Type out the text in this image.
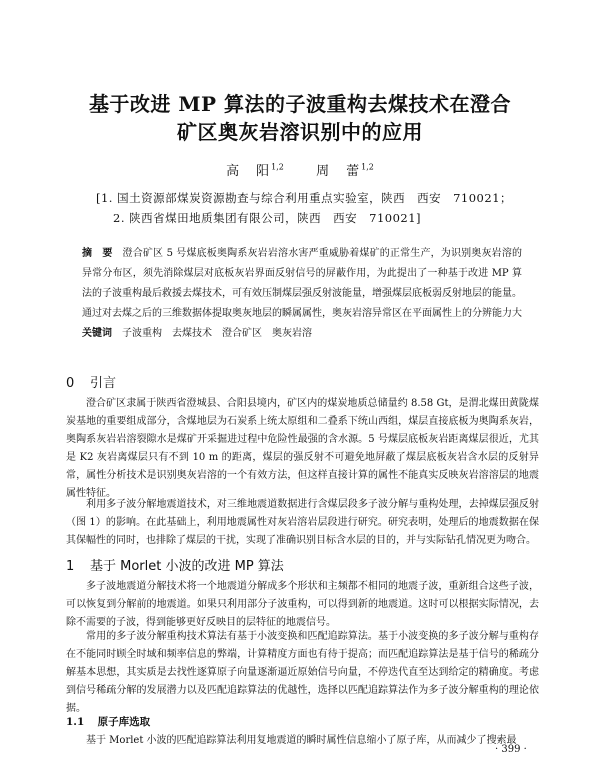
基于改进 MP 算法的子波重构去煤技术在澄合
矿区奥灰岩溶识别中的应用
高　阳$^{1,2}$ 周　蕾$^{1,2}$
[1. 国土资源部煤炭资源勘查与综合利用重点实验室，陕西　西安　710021；
2. 陕西省煤田地质集团有限公司，陕西　西安　710021]
摘　要 澄合矿区 5 号煤底板奥陶系灰岩岩溶水害严重威胁着煤矿的正常生产，为识别奥灰岩溶的异常分布区，须先消除煤层对底板灰岩界面反射信号的屏蔽作用，为此提出了一种基于改进 MP 算法的子波重构最后救援去煤技术，可有效压制煤层强反射波能量，增强煤层底板弱反射地层的能量。通过对去煤之后的三维数据体提取奥灰地层的瞬属属性，奥灰岩溶异常区在平面属性上的分辨能力大
关键词 子波重构　去煤技术　澄合矿区　奥灰岩溶
0 引言
澄合矿区隶属于陕西省澄城县、合阳县境内，矿区内的煤炭地质总储量约 8.58 Gt，是渭北煤田黄陇煤炭基地的重要组成部分，含煤地层为石炭系上统太原组和二叠系下统山西组，煤层直接底板为奥陶系灰岩，奥陶系灰岩岩溶裂隙水是煤矿开采掘进过程中危险性最强的含水源。5 号煤层底板灰岩距离煤层很近，尤其是 K2 灰岩离煤层只有不到 10 m 的距离，煤层的强反射不可避免地屏蔽了煤层底板灰岩含水层的反射异常，属性分析技术是识别奥灰岩溶的一个有效方法，但这样直接计算的属性不能真实反映灰岩溶溶层的地震属性特征。
利用多子波分解地震道技术，对三维地震道数据进行含煤层段多子波分解与重构处理，去掉煤层强反射（图 1）的影响。在此基础上，利用地震属性对灰岩溶岩层段进行研究。研究表明，处理后的地震数据在保其保幅性的同时，也排除了煤层的干扰，实现了准确识别目标含水层的目的，并与实际钻孔情况更为吻合。
1 基于 Morlet 小波的改进 MP 算法
多子波地震道分解技术将一个地震道分解成多个形状和主频都不相同的地震子波，重新组合这些子波，可以恢复到分解前的地震道。如果只利用部分子波重构，可以得到新的地震道。这时可以根据实际情况，去除不需要的子波，得到能够更好反映目的层特征的地震信号。
常用的多子波分解重构技术算法有基于小波变换和匹配追踪算法。基于小波变换的多子波分解与重构存在不能同时顾全时域和频率信息的弊端，计算精度方面也有待于提高；而匹配追踪算法是基于信号的稀疏分解基本思想，其实质是去找性逐算原子向量逐渐逼近原始信号向量，不停迭代直至达到给定的精确度。考虑到信号稀疏分解的发展潜力以及匹配追踪算法的优越性，选择以匹配追踪算法作为多子波分解重构的理论依据。
1.1 原子库选取
基于 Morlet 小波的匹配追踪算法利用复地震道的瞬时属性信息缩小了原子库，从而减少了搜索最
· 399 ·
